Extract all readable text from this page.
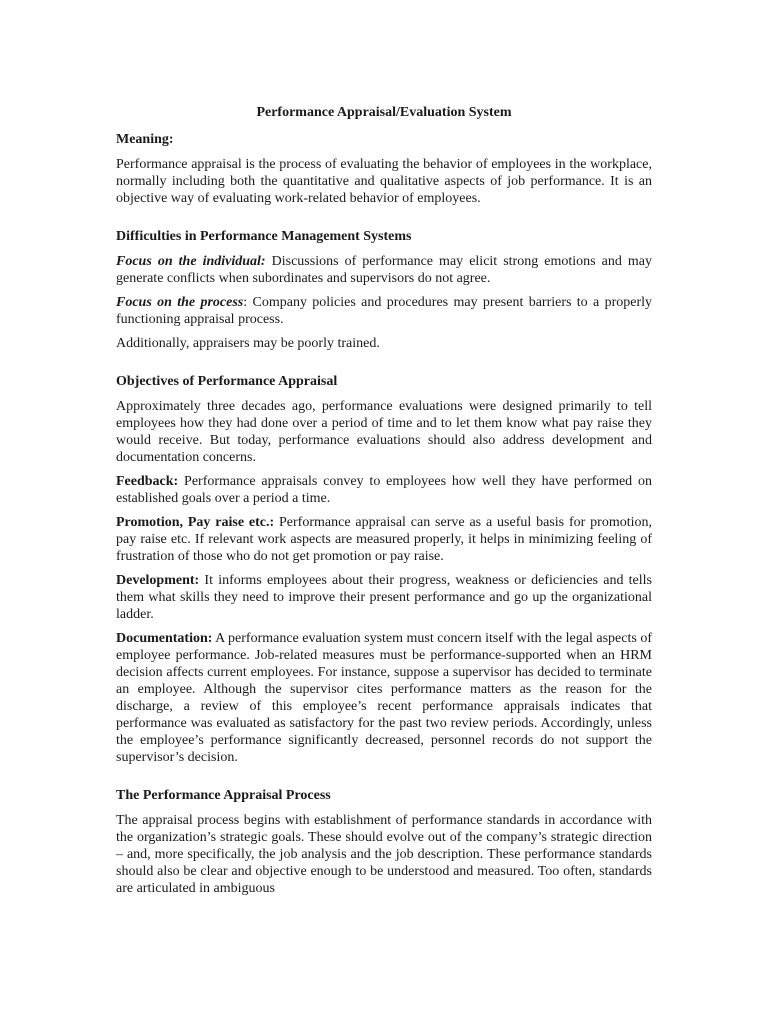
Performance Appraisal/Evaluation System
Meaning:

Performance appraisal is the process of evaluating the behavior of employees in the workplace, normally including both the quantitative and qualitative aspects of job performance. It is an objective way of evaluating work-related behavior of employees.

Difficulties in Performance Management Systems

Focus on the individual: Discussions of performance may elicit strong emotions and may generate conflicts when subordinates and supervisors do not agree.

Focus on the process: Company policies and procedures may present barriers to a properly functioning appraisal process.

Additionally, appraisers may be poorly trained.

Objectives of Performance Appraisal

Approximately three decades ago, performance evaluations were designed primarily to tell employees how they had done over a period of time and to let them know what pay raise they would receive. But today, performance evaluations should also address development and documentation concerns.

Feedback: Performance appraisals convey to employees how well they have performed on established goals over a period a time.

Promotion, Pay raise etc.: Performance appraisal can serve as a useful basis for promotion, pay raise etc. If relevant work aspects are measured properly, it helps in minimizing feeling of frustration of those who do not get promotion or pay raise.

Development: It informs employees about their progress, weakness or deficiencies and tells them what skills they need to improve their present performance and go up the organizational ladder.

Documentation: A performance evaluation system must concern itself with the legal aspects of employee performance. Job-related measures must be performance-supported when an HRM decision affects current employees. For instance, suppose a supervisor has decided to terminate an employee. Although the supervisor cites performance matters as the reason for the discharge, a review of this employee’s recent performance appraisals indicates that performance was evaluated as satisfactory for the past two review periods. Accordingly, unless the employee’s performance significantly decreased, personnel records do not support the supervisor’s decision.

The Performance Appraisal Process

The appraisal process begins with establishment of performance standards in accordance with the organization’s strategic goals. These should evolve out of the company’s strategic direction – and, more specifically, the job analysis and the job description. These performance standards should also be clear and objective enough to be understood and measured. Too often, standards are articulated in ambiguous
